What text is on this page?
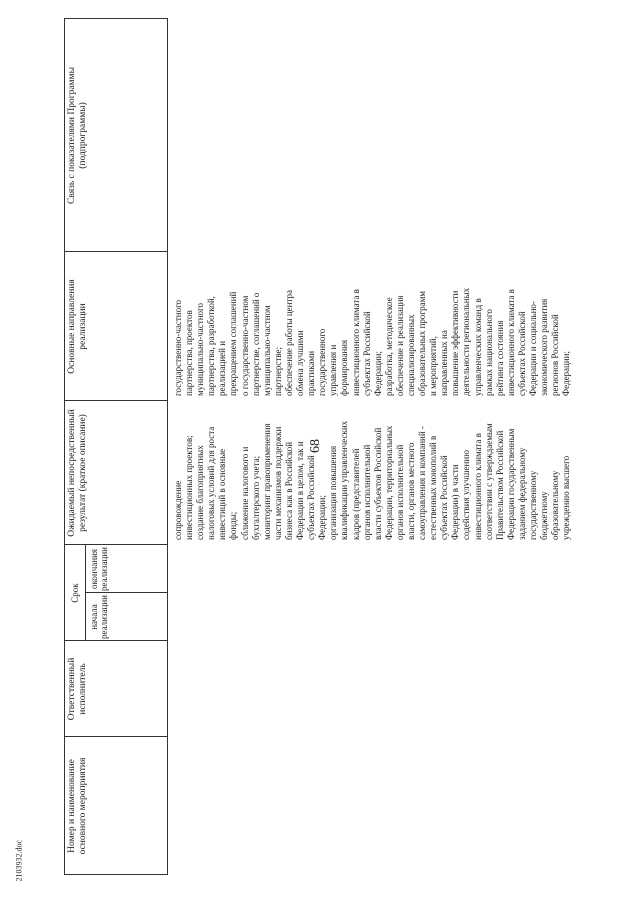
68
2103932.doc
Номер и наименование основного мероприятия
Ответственный исполнитель
Срок
начала реализации
окончания реализации
Ожидаемый непосредственный результат (краткое описание)
Основные направления реализации
Связь с показателями Программы (подпрограммы)
сопровождение инвестиционных проектов; создание благоприятных налоговых условий для роста инвестиций в основные фонды; сближение налогового и бухгалтерского учета; мониторинг правоприменения части механизмов поддержки бизнеса как в Российской Федерации в целом, так и субъектах Российской Федерации; организация повышения квалификации управленческих кадров (представителей органов исполнительной власти субъектов Российской Федерации, территориальных органов исполнительной власти, органов местного самоуправления и компаний - естественных монополий в субъектах Российской Федерации) в части содействия улучшению инвестиционного климата в соответствии с утверждаемым Правительством Российской Федерации государственным заданием федеральному государственному бюджетному образовательному учреждению высшего
государственно-частного партнерства, проектов муниципально-частного партнерства, разработкой, реализацией и прекращением соглашений о государственно-частном партнерстве, соглашений о муниципально-частном партнерстве; обеспечение работы центра обмена лучшими практиками государственного управления и формирования инвестиционного климата в субъектах Российской Федерации; разработка, методическое обеспечение и реализация специализированных образовательных программ и мероприятий, направленных на повышение эффективности деятельности региональных управленческих команд в рамках национального рейтинга состояния инвестиционного климата в субъектах Российской Федерации и социально- экономического развития регионов Российской Федерации;
